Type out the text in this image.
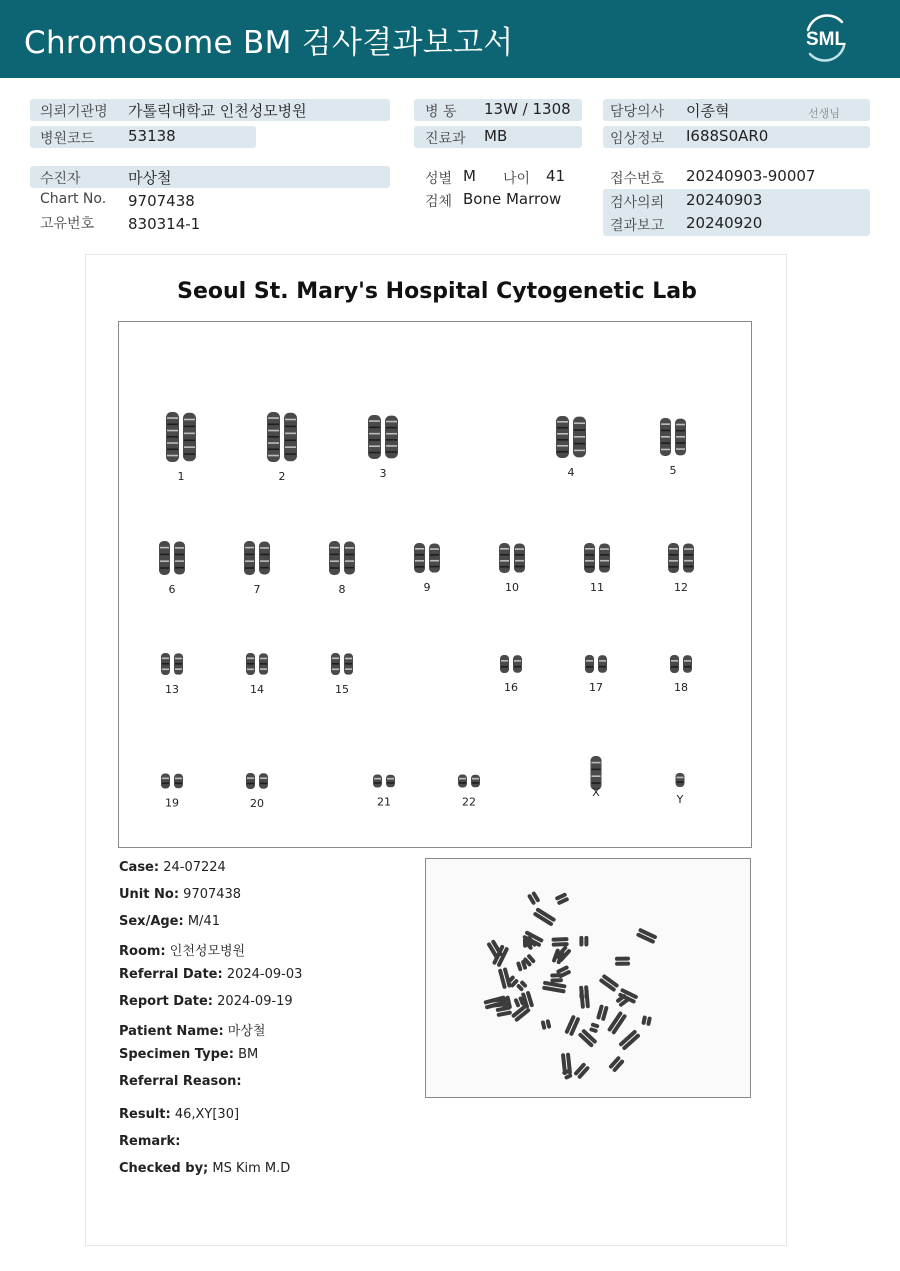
Chromosome BM 검사결과보고서	SML
의뢰기관명 가톨릭대학교 인천성모병원	병 동 13W / 1308	담당의사 이종혁	선생님
병원코드 53138	진료과 MB	임상정보 I688S0AR0
수진자	마상철	성별 M 나이 41	접수번호 20240903-90007
Chart No. 9707438	검체 Bone Marrow	검사의뢰 20240903
고유번호 830314-1	결과보고 20240920
Seoul St. Mary's Hospital Cytogenetic Lab
1	2	3	4	5
6	7	8	9	10	11	12
13	14	15	16	17	18
19	20	21	22
X
Y
Case: 24-07224
Unit No: 9707438
Sex/Age: M/41
Room: 인천성모병원
Referral Date: 2024-09-03
Report Date: 2024-09-19
Patient Name: 마상철
Specimen Type: BM
Referral Reason:
Result: 46,XY[30]
Remark:
Checked by; MS Kim M.D
